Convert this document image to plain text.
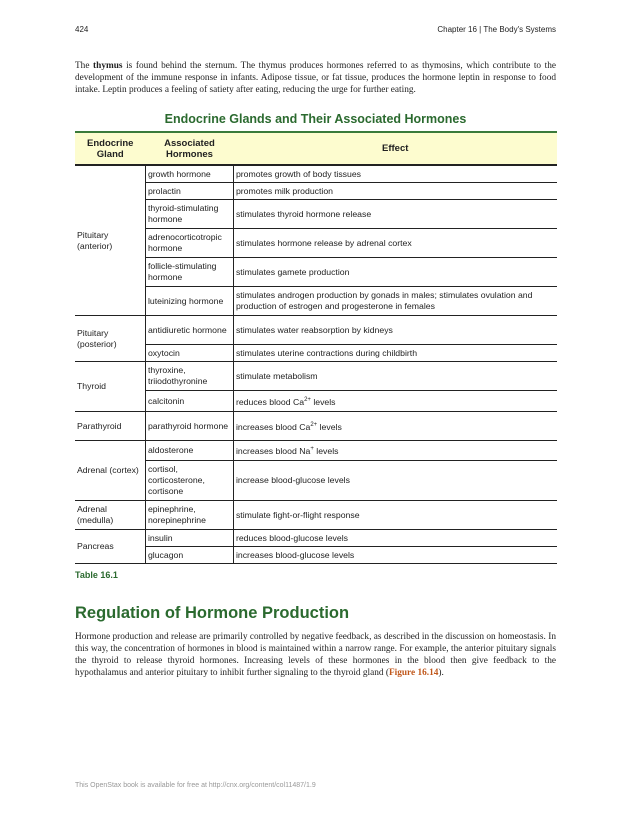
424	Chapter 16 | The Body's Systems

The thymus is found behind the sternum. The thymus produces hormones referred to as thymosins, which contribute to the development of the immune response in infants. Adipose tissue, or fat tissue, produces the hormone leptin in response to food intake. Leptin produces a feeling of satiety after eating, reducing the urge for further eating.

Endocrine Glands and Their Associated Hormones
Endocrine Gland	Associated Hormones	Effect
Pituitary (anterior)	growth hormone	promotes growth of body tissues
	prolactin	promotes milk production
	thyroid-stimulating hormone	stimulates thyroid hormone release
	adrenocorticotropic hormone	stimulates hormone release by adrenal cortex
	follicle-stimulating hormone	stimulates gamete production
	luteinizing hormone	stimulates androgen production by gonads in males; stimulates ovulation and production of estrogen and progesterone in females
Pituitary (posterior)	antidiuretic hormone	stimulates water reabsorption by kidneys
	oxytocin	stimulates uterine contractions during childbirth
Thyroid	thyroxine, triiodothyronine	stimulate metabolism
	calcitonin	reduces blood $Ca^{2+}$ levels
Parathyroid	parathyroid hormone	increases blood $Ca^{2+}$ levels
Adrenal (cortex)	aldosterone	increases blood Na+ levels
	cortisol, corticosterone, cortisone	increase blood-glucose levels
Adrenal (medulla)	epinephrine, norepinephrine	stimulate fight-or-flight response
Pancreas	insulin	reduces blood-glucose levels
	glucagon	increases blood-glucose levels
Table 16.1
Regulation of Hormone Production

Hormone production and release are primarily controlled by negative feedback, as described in the discussion on homeostasis. In this way, the concentration of hormones in blood is maintained within a narrow range. For example, the anterior pituitary signals the thyroid to release thyroid hormones. Increasing levels of these hormones in the blood then give feedback to the hypothalamus and anterior pituitary to inhibit further signaling to the thyroid gland (Figure 16.14).

This OpenStax book is available for free at http://cnx.org/content/col11487/1.9
